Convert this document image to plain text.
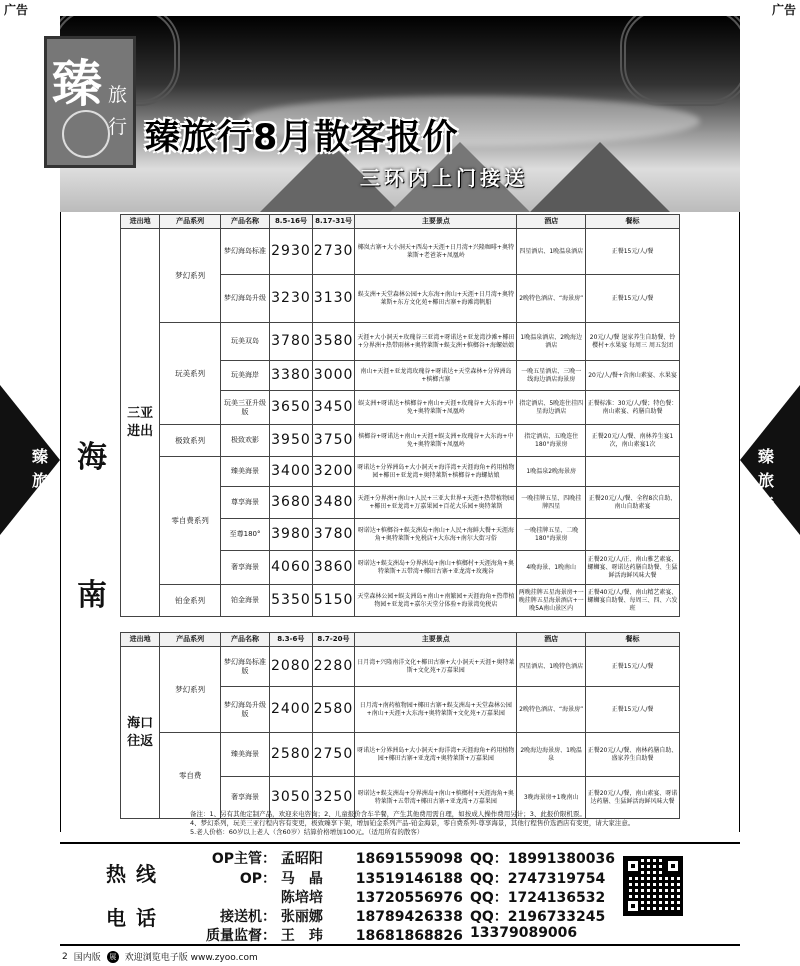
广告	广告
臻 旅
行 臻旅行8月散客报价
三环内上门接送
臻
旅
行
臻
旅
行
海
南
进出地	产品系列	产品名称	8.5-16号	8.17-31号	主要景点	酒店	餐标
三亚进出	梦幻系列	梦幻海岛标准	2930	2730	椰岚古寨+大小洞天+西岛+天涯+日月湾+兴隆咖啡+奥特莱斯+老爸茶+凤凰岭	四星酒店、1晚温泉酒店	正餐15元/人/餐
		梦幻海岛升级	3230	3130	蜈支洲+天堂森林公园+大东海+南山+天涯+日月湾+奥特莱斯+东方文化苑+椰田古寨+海滩湾帆船	2晚特色酒店、“海景房”	正餐15元/人/餐
	玩美系列	玩美双岛	3780	3580	天涯+大小洞天+玫瑰谷三亚湾+呀诺达+亚龙湾沙滩+椰田+分界洲+热带雨林+奥特莱斯+蜈支洲+槟榔谷+海螺姑娘	1晚温泉酒店、2晚海边酒店	20元/人/餐 退家养生自助餐、铃樱村+水果宴 每周三 周五发团
		玩美海岸	3380	3000	南山+天涯+亚龙湾玫瑰谷+呀诺达+天堂森林+分界洲岛+槟榔古寨	一晚五星酒店、三晚一线海边酒店海景房	20元/人/餐+含南山素宴、水果宴
		玩美三亚升级版	3650	3450	蜈支洲+呀诺达+槟榔谷+南山+天涯+玫瑰谷+大东海+中免+奥特莱斯+凤凰岭	指定酒店、5晚连住挂四星海边酒店	正餐标准：30元/人/餐；特色餐：南山素宴、药膳自助餐
	极致系列	极致欢影	3950	3750	槟榔谷+呀诺达+南山+天涯+蜈支洲+玫瑰谷+大东海+中免+奥特莱斯+凤凰岭	指定酒店、五晚连住180°海景房	正餐20元/人/餐、南林养生宴1次，南山素宴1次
	零自费系列	臻美海景	3400	3200	呀诺达+分界洲岛+大小洞天+海洋湾+天涯海角+药用植物园+椰田+亚龙湾+奥特莱斯+槟榔谷+海螺姑娘	1晚温泉2晚海景房	
		尊享海景	3680	3480	天涯+分界洲+南山+人民+三亚大世界+天涯+热带植物园+椰田+亚龙湾+万嘉果园+百花大乐园+奥特莱斯	一晚挂牌五星、四晚挂牌四星	正餐20元/人/餐、全程8次自助、南山自助素宴
		至尊180°	3980	3780	呀诺达+槟榔谷+蜈支洲岛+南山+人民+海鲜大餐+天涯海角+奥特莱斯+免税店+大东海+南尔大街习俗	一晚挂牌五星、二晚180°海景房	
		奢享海景	4060	3860	呀诺达+蜈支洲岛+分界洲岛+南山+槟榔村+天涯海角+奥特莱斯+五带湾+椰田古寨+亚龙湾+玫瑰谷	4晚海景、1晚南山	正餐20元/人/正、南山雅艺素宴、螺蛳宴、呀诺达药膳自助餐、生猛鲜活海鲜风味大餐
	铂金系列	铂金海景	5350	5150	天堂森林公园+蜈支洲岛+南山+南繁园+天涯海角+热带植物园+亚龙湾+嘉尔天堂分体验+海景湾免税店	两晚挂牌五星海景房+一晚挂牌五星海景酒店+一晚5A南山景区内	正餐40元/人/餐、南山精艺素宴、螺蛳宴自助餐、每周三、四、六发班
进出地	产品系列	产品名称	8.3-6号	8.7-20号	主要景点	酒店	餐标
海口往返	梦幻系列	梦幻海岛标准版	2080	2280	日月湾+兴隆南洋文化+椰田古寨+大小洞天+天涯+奥特莱斯+文化苑+万嘉果园	四星酒店、1晚特色酒店	正餐15元/人/餐
		梦幻海岛升级版	2400	2580	日月湾+南药植物园+椰田古寨+蜈支洲岛+天堂森林公园+南山+天涯+大东海+奥特莱斯+文化苑+万嘉果园	2晚特色酒店、“海景房”	正餐15元/人/餐
	零自费	臻美海景	2580	2750	呀诺达+分界洲岛+大小洞天+海洋湾+天涯海角+药用植物园+椰田古寨+亚龙湾+奥特莱斯+万嘉果园	2晚海边海景房、1晚温泉	正餐20元/人/餐、南林药膳自助、盛家养生自助餐
		奢享海景	3050	3250	呀诺达+蜈支洲岛+分界洲岛+南山+槟榔村+天涯海角+奥特莱斯+五带湾+椰田古寨+亚龙湾+万嘉果园	3晚海景房+1晚南山	正餐20元/人/餐，南山素宴、呀诺达药膳、生猛鲜活海鲜风味大餐
备注：1、另有其他定制产品，欢迎来电咨询；2、儿童报价含车半餐，产生其他费用需自理，如按成人操作费用另计；3、此报价限机票。
4、梦幻系列，玩美三亚行程内容有变更，极致臻享下架，增加铂金系列产品-铂金海景，零自费系列-尊享海景，其他行程售价选酒店有变更，请大家注意。
5.老人价格：60岁以上老人（含60岁）结算价格增加100元。（适用所有的散客）
热线
电话
OP主管： 孟昭阳 18691559098
OP： 马　晶 13519146188
陈培培 13720556976
接送机： 张丽娜 18789426338
质量监督： 王　玮 18681868826
QQ：18991380036
QQ：2747319754
QQ：1724136532
QQ：2196733245
13379089006
2 国内版	展 欢迎浏览电子版 www.zyoo.com
